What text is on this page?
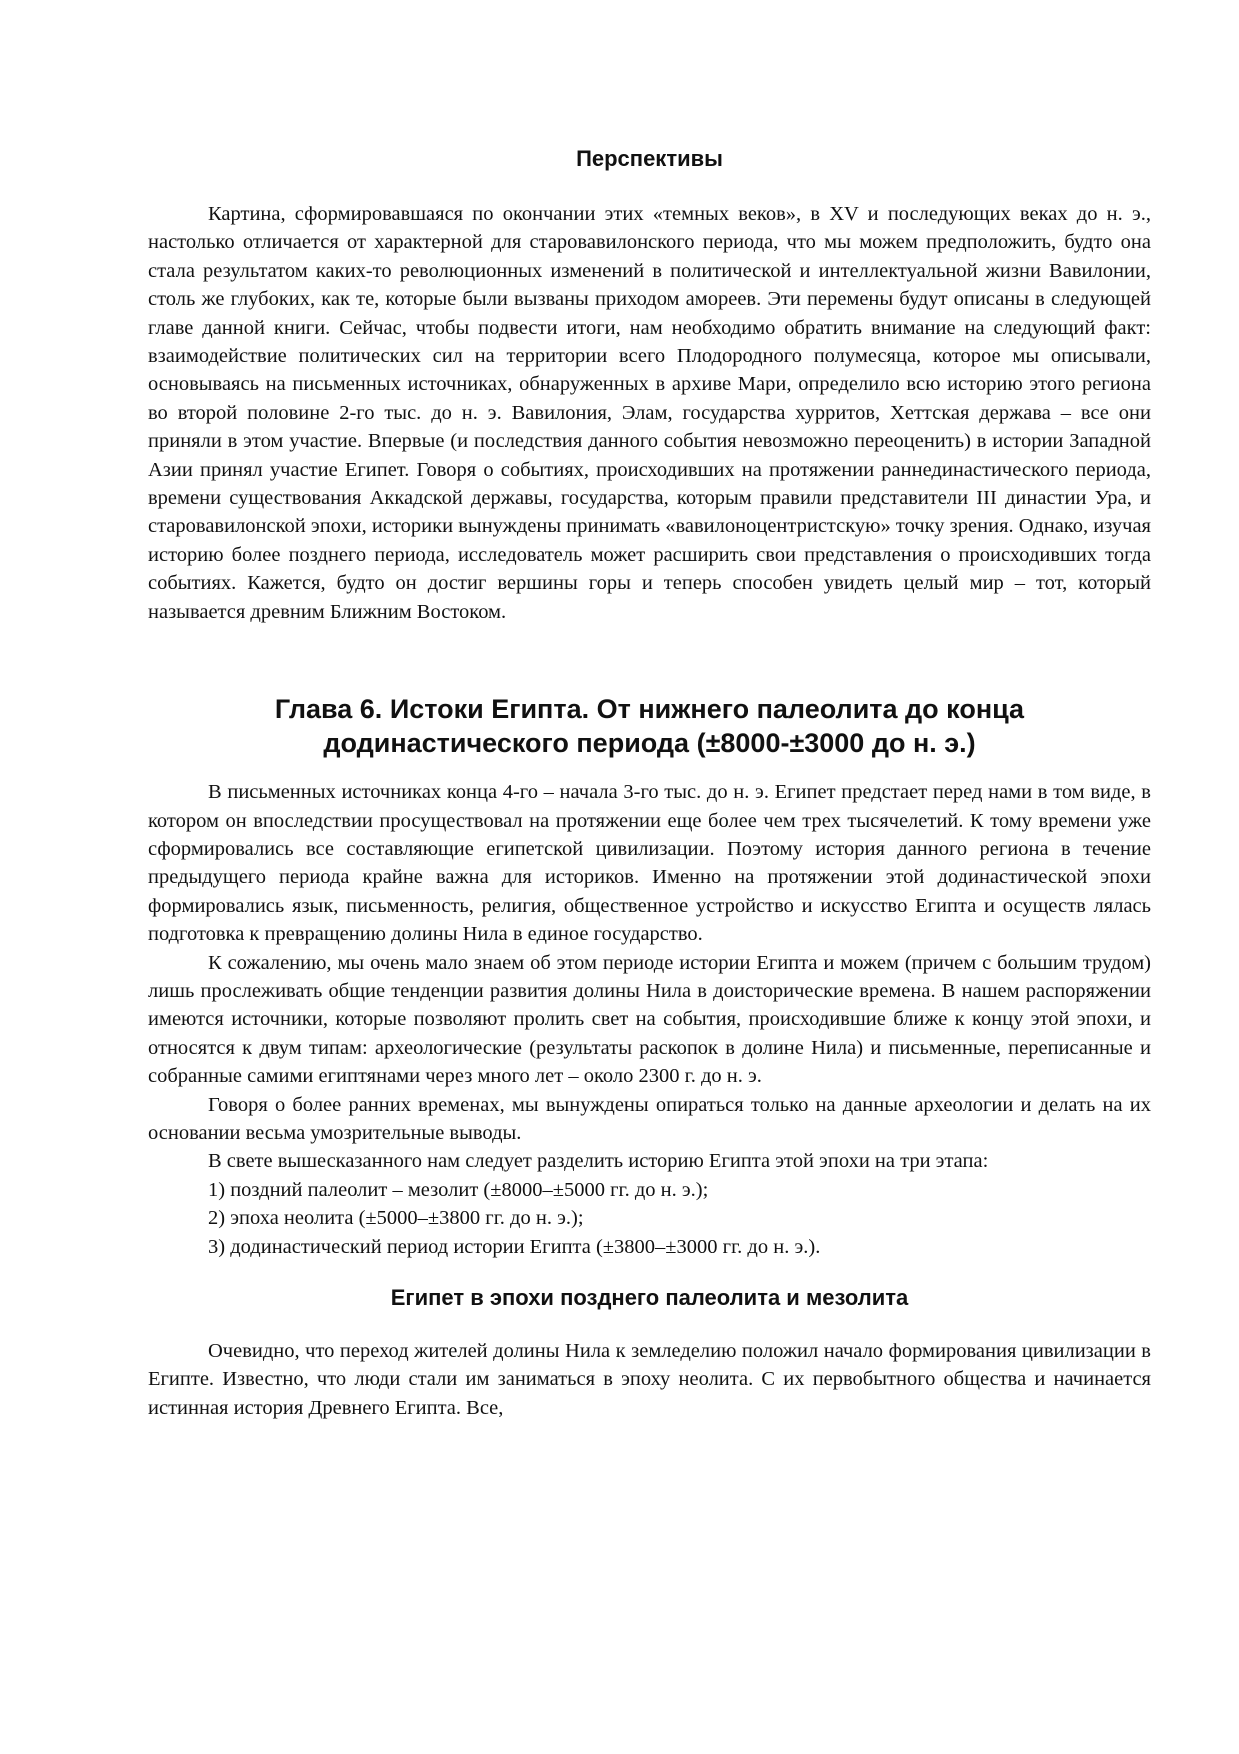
Перспективы

Картина, сформировавшаяся по окончании этих «темных веков», в XV и последующих веках до н. э., настолько отличается от характерной для старовавилонского периода, что мы можем предположить, будто она стала результатом каких-то революционных изменений в политической и интеллектуальной жизни Вавилонии, столь же глубоких, как те, которые были вызваны приходом амореев. Эти перемены будут описаны в следующей главе данной книги. Сейчас, чтобы подвести итоги, нам необходимо обратить внимание на следующий факт: взаимодействие политических сил на территории всего Плодородного полумесяца, которое мы описывали, основываясь на письменных источниках, обнаруженных в архиве Мари, определило всю историю этого региона во второй половине 2-го тыс. до н. э. Вавилония, Элам, государства хурритов, Хеттская держава – все они приняли в этом участие. Впервые (и последствия данного события невозможно переоценить) в истории Западной Азии принял участие Египет. Говоря о событиях, происходивших на протяжении раннединастического периода, времени существования Аккадской державы, государства, которым правили представители III династии Ура, и старовавилонской эпохи, историки вынуждены принимать «вавилоноцентристскую» точку зрения. Однако, изучая историю более позднего периода, исследователь может расширить свои представления о происходивших тогда событиях. Кажется, будто он достиг вершины горы и теперь способен увидеть целый мир – тот, который называется древним Ближним Востоком.

Глава 6. Истоки Египта. От нижнего палеолита до конца
додинастического периода (±8000-±3000 до н. э.)

В письменных источниках конца 4-го – начала 3-го тыс. до н. э. Египет предстает перед нами в том виде, в котором он впоследствии просуществовал на протяжении еще более чем трех тысячелетий. К тому времени уже сформировались все составляющие египетской цивилизации. Поэтому история данного региона в течение предыдущего периода крайне важна для историков. Именно на протяжении этой додинастической эпохи формировались язык, письменность, религия, общественное устройство и искусство Египта и осуществ лялась подготовка к превращению долины Нила в единое государство.

К сожалению, мы очень мало знаем об этом периоде истории Египта и можем (причем с большим трудом) лишь прослеживать общие тенденции развития долины Нила в доисторические времена. В нашем распоряжении имеются источники, которые позволяют пролить свет на события, происходившие ближе к концу этой эпохи, и относятся к двум типам: археологические (результаты раскопок в долине Нила) и письменные, переписанные и собранные самими египтянами через много лет – около 2300 г. до н. э.

Говоря о более ранних временах, мы вынуждены опираться только на данные археологии и делать на их основании весьма умозрительные выводы.

В свете вышесказанного нам следует разделить историю Египта этой эпохи на три этапа:

1) поздний палеолит – мезолит (±8000–±5000 гг. до н. э.);

2) эпоха неолита (±5000–±3800 гг. до н. э.);

3) додинастический период истории Египта (±3800–±3000 гг. до н. э.).

Египет в эпохи позднего палеолита и мезолита

Очевидно, что переход жителей долины Нила к земледелию положил начало формирования цивилизации в Египте. Известно, что люди стали им заниматься в эпоху неолита. С их первобытного общества и начинается истинная история Древнего Египта. Все,
